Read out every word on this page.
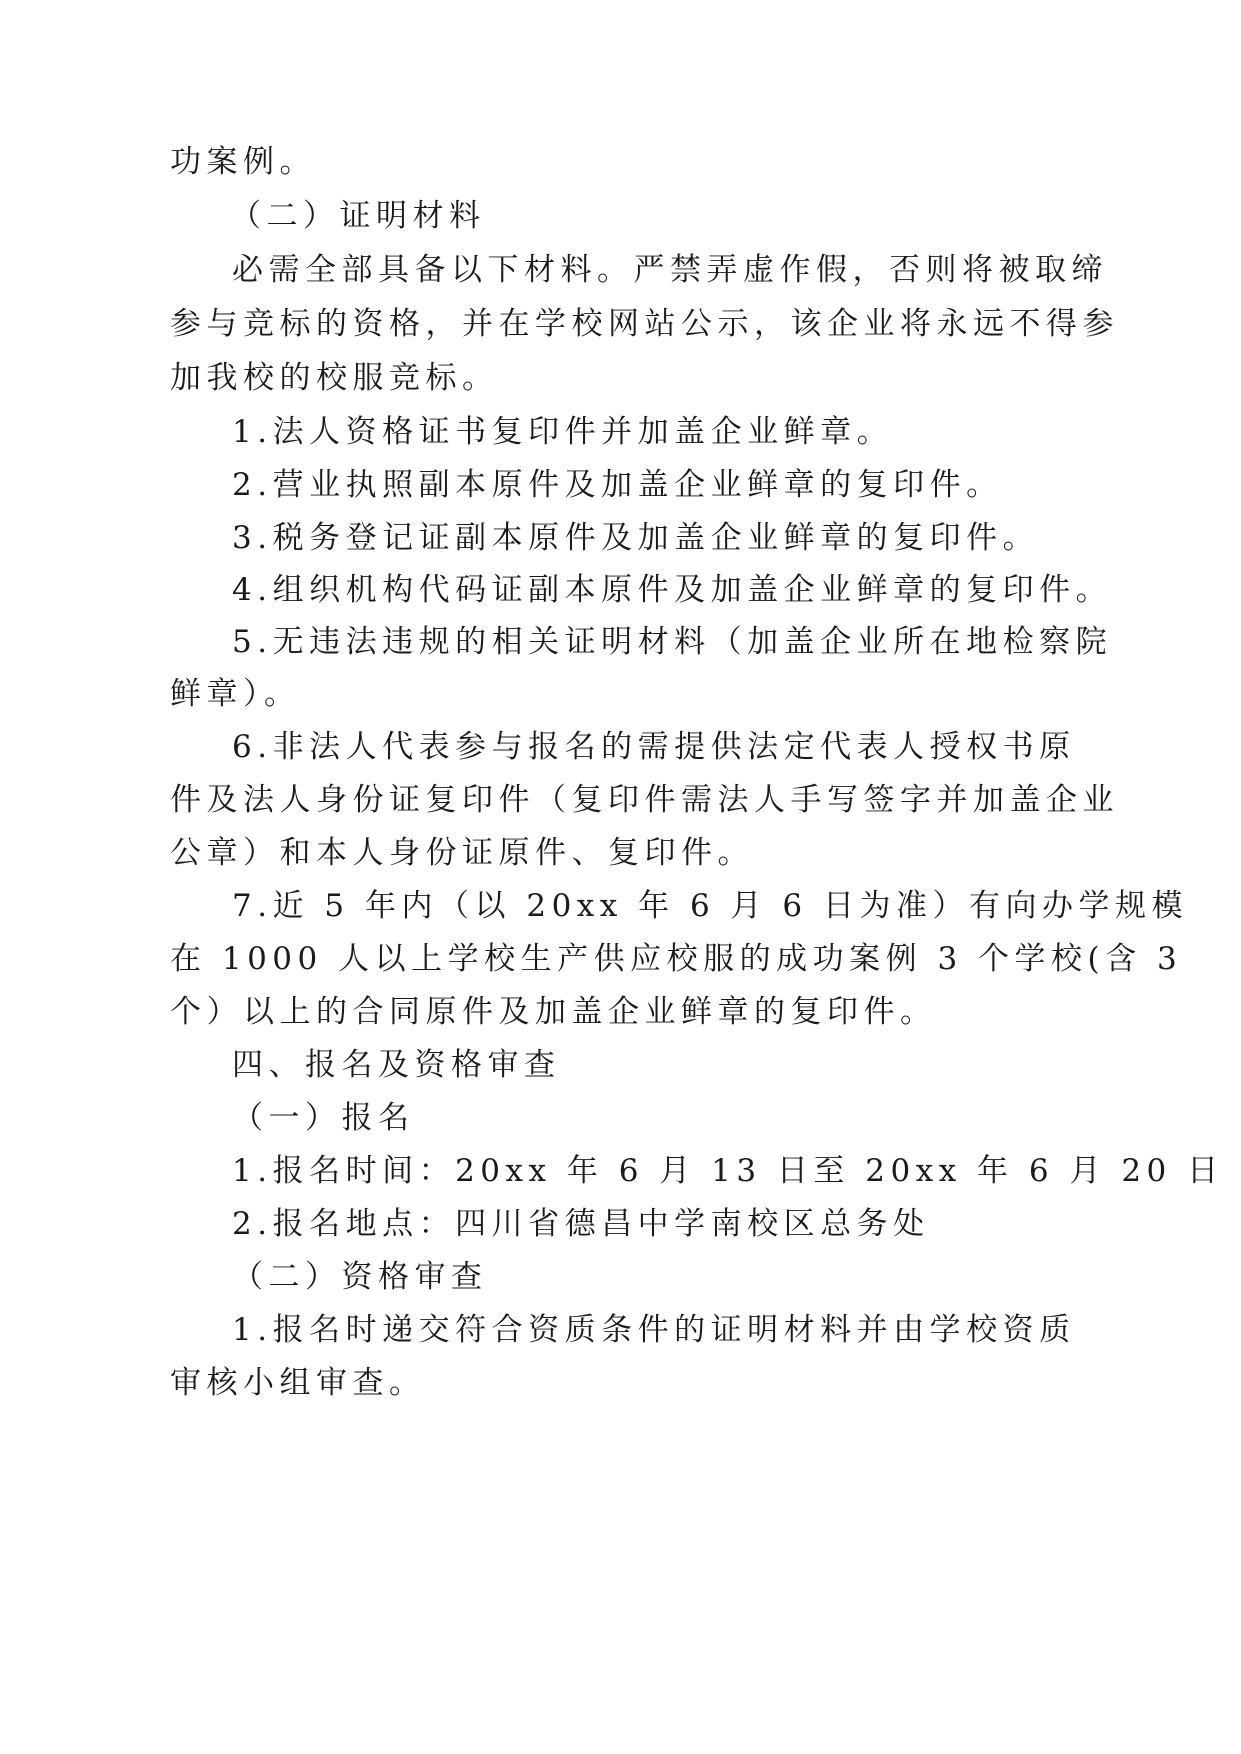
功案例。
（二）证明材料
必需全部具备以下材料。严禁弄虚作假，否则将被取缔
参与竞标的资格，并在学校网站公示，该企业将永远不得参
加我校的校服竞标。
1.法人资格证书复印件并加盖企业鲜章。
2.营业执照副本原件及加盖企业鲜章的复印件。
3.税务登记证副本原件及加盖企业鲜章的复印件。
4.组织机构代码证副本原件及加盖企业鲜章的复印件。
5.无违法违规的相关证明材料（加盖企业所在地检察院
鲜章）。
6.非法人代表参与报名的需提供法定代表人授权书原
件及法人身份证复印件（复印件需法人手写签字并加盖企业
公章）和本人身份证原件、复印件。
7.近 5 年内（以 20xx 年 6 月 6 日为准）有向办学规模
在 1000 人以上学校生产供应校服的成功案例 3 个学校(含 3
个）以上的合同原件及加盖企业鲜章的复印件。
四、报名及资格审查
（一）报名
1.报名时间：20xx 年 6 月 13 日至 20xx 年 6 月 20 日
2.报名地点：四川省德昌中学南校区总务处
（二）资格审查
1.报名时递交符合资质条件的证明材料并由学校资质
审核小组审查。
